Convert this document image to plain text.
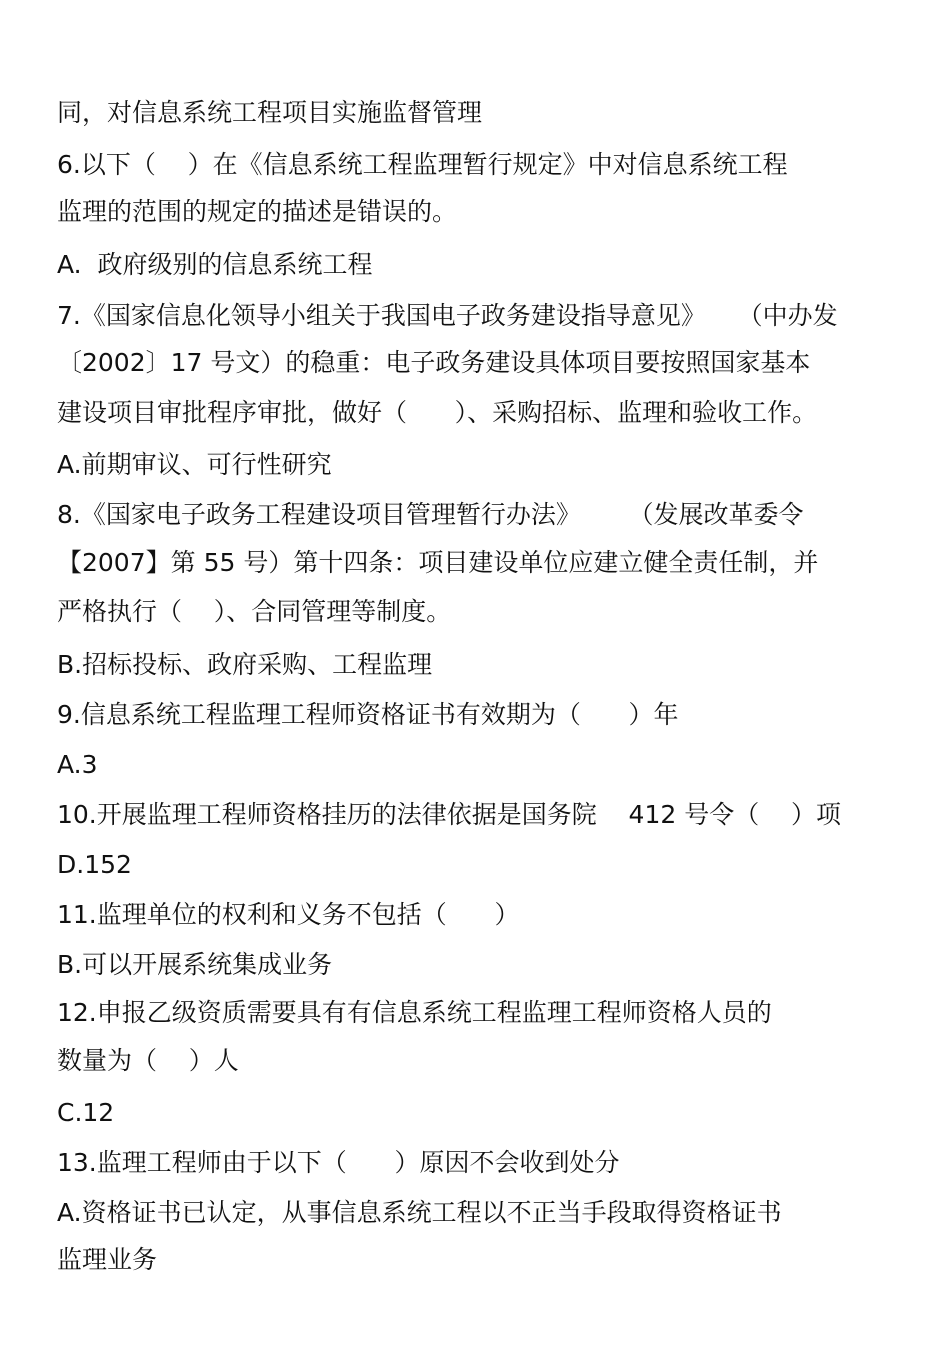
同，对信息系统工程项目实施监督管理
6.以下（    ）在《信息系统工程监理暂行规定》中对信息系统工程
监理的范围的规定的描述是错误的。
A.  政府级别的信息系统工程
7.《国家信息化领导小组关于我国电子政务建设指导意见》    （中办发
〔2002〕17 号文）的稳重：电子政务建设具体项目要按照国家基本
建设项目审批程序审批，做好（      ）、采购招标、监理和验收工作。
A.前期审议、可行性研究
8.《国家电子政务工程建设项目管理暂行办法》      （发展改革委令
【2007】第 55 号）第十四条：项目建设单位应建立健全责任制，并
严格执行（    ）、合同管理等制度。
B.招标投标、政府采购、工程监理
9.信息系统工程监理工程师资格证书有效期为（      ）年
A.3
10.开展监理工程师资格挂历的法律依据是国务院    412 号令（    ）项
D.152
11.监理单位的权利和义务不包括（      ）
B.可以开展系统集成业务
12.申报乙级资质需要具有有信息系统工程监理工程师资格人员的
数量为（    ）人
C.12
13.监理工程师由于以下（      ）原因不会收到处分
A.资格证书已认定，从事信息系统工程以不正当手段取得资格证书
监理业务
